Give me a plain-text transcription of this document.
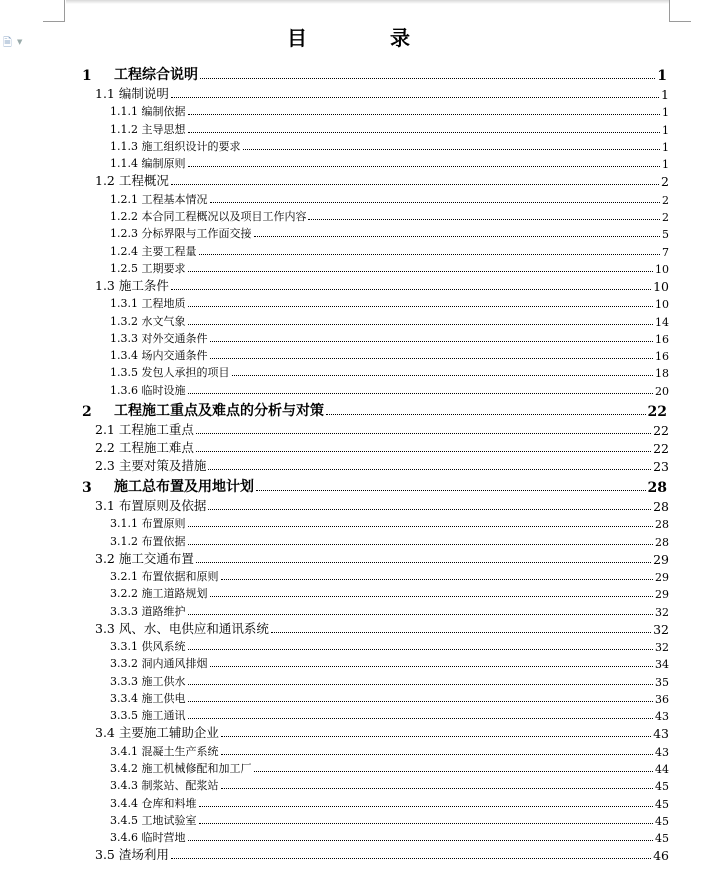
🗎 ▼	目 录
1	工程综合说明	1
1.1 编制说明	1
1.1.1 编制依据	1
1.1.2 主导思想	1
1.1.3 施工组织设计的要求	1
1.1.4 编制原则	1
1.2 工程概况	2
1.2.1 工程基本情况	2
1.2.2 本合同工程概况以及项目工作内容	2
1.2.3 分标界限与工作面交接	5
1.2.4 主要工程量	7
1.2.5 工期要求	10
1.3 施工条件	10
1.3.1 工程地质	10
1.3.2 水文气象	14
1.3.3 对外交通条件	16
1.3.4 场内交通条件	16
1.3.5 发包人承担的项目	18
1.3.6 临时设施	20
2	工程施工重点及难点的分析与对策	22
2.1 工程施工重点	22
2.2 工程施工难点	22
2.3 主要对策及措施	23
3	施工总布置及用地计划	28
3.1 布置原则及依据	28
3.1.1 布置原则	28
3.1.2 布置依据	28
3.2 施工交通布置	29
3.2.1 布置依据和原则	29
3.2.2 施工道路规划	29
3.3.3 道路维护	32
3.3 风、水、电供应和通讯系统	32
3.3.1 供风系统	32
3.3.2 洞内通风排烟	34
3.3.3 施工供水	35
3.3.4 施工供电	36
3.3.5 施工通讯	43
3.4 主要施工辅助企业	43
3.4.1 混凝土生产系统	43
3.4.2 施工机械修配和加工厂	44
3.4.3 制浆站、配浆站	45
3.4.4 仓库和料堆	45
3.4.5 工地试验室	45
3.4.6 临时营地	45
3.5 渣场利用	46
